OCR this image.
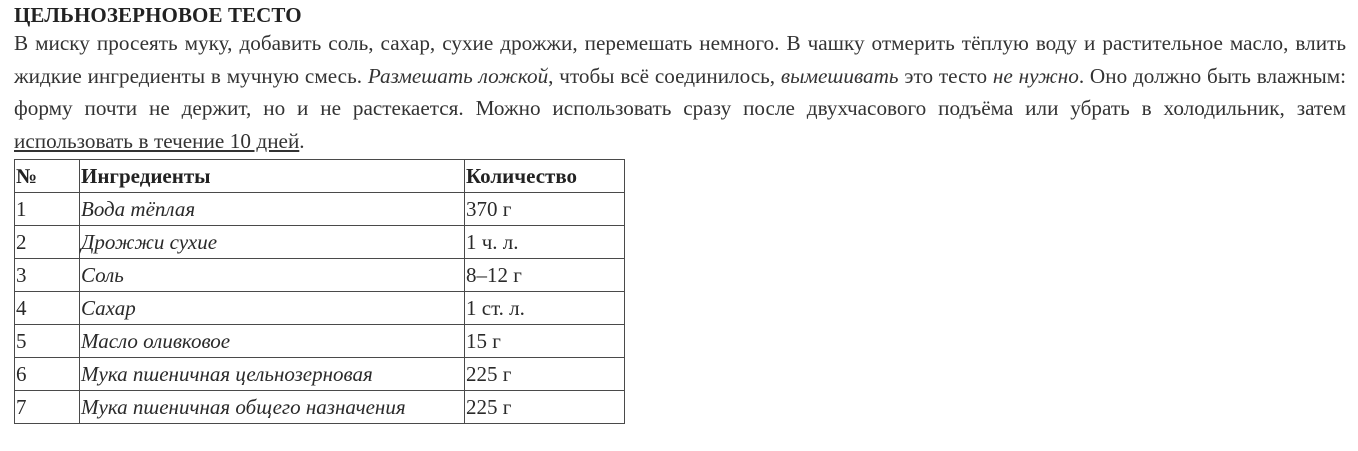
ЦЕЛЬНОЗЕРНОВОЕ ТЕСТО

В миску просеять муку, добавить соль, сахар, сухие дрожжи, перемешать немного. В чашку отмерить тёплую воду и растительное масло, влить жидкие ингредиенты в мучную смесь. Размешать ложкой, чтобы всё соединилось, вымешивать это тесто не нужно. Оно должно быть влажным: форму почти не держит, но и не растекается. Можно использовать сразу после двухчасового подъёма или убрать в холодильник, затем использовать в течение 10 дней.

№	Ингредиенты	Количество
1	Вода тёплая	370 г
2	Дрожжи сухие	1 ч. л.
3	Соль	8–12 г
4	Сахар	1 ст. л.
5	Масло оливковое	15 г
6	Мука пшеничная цельнозерновая	225 г
7	Мука пшеничная общего назначения	225 г
